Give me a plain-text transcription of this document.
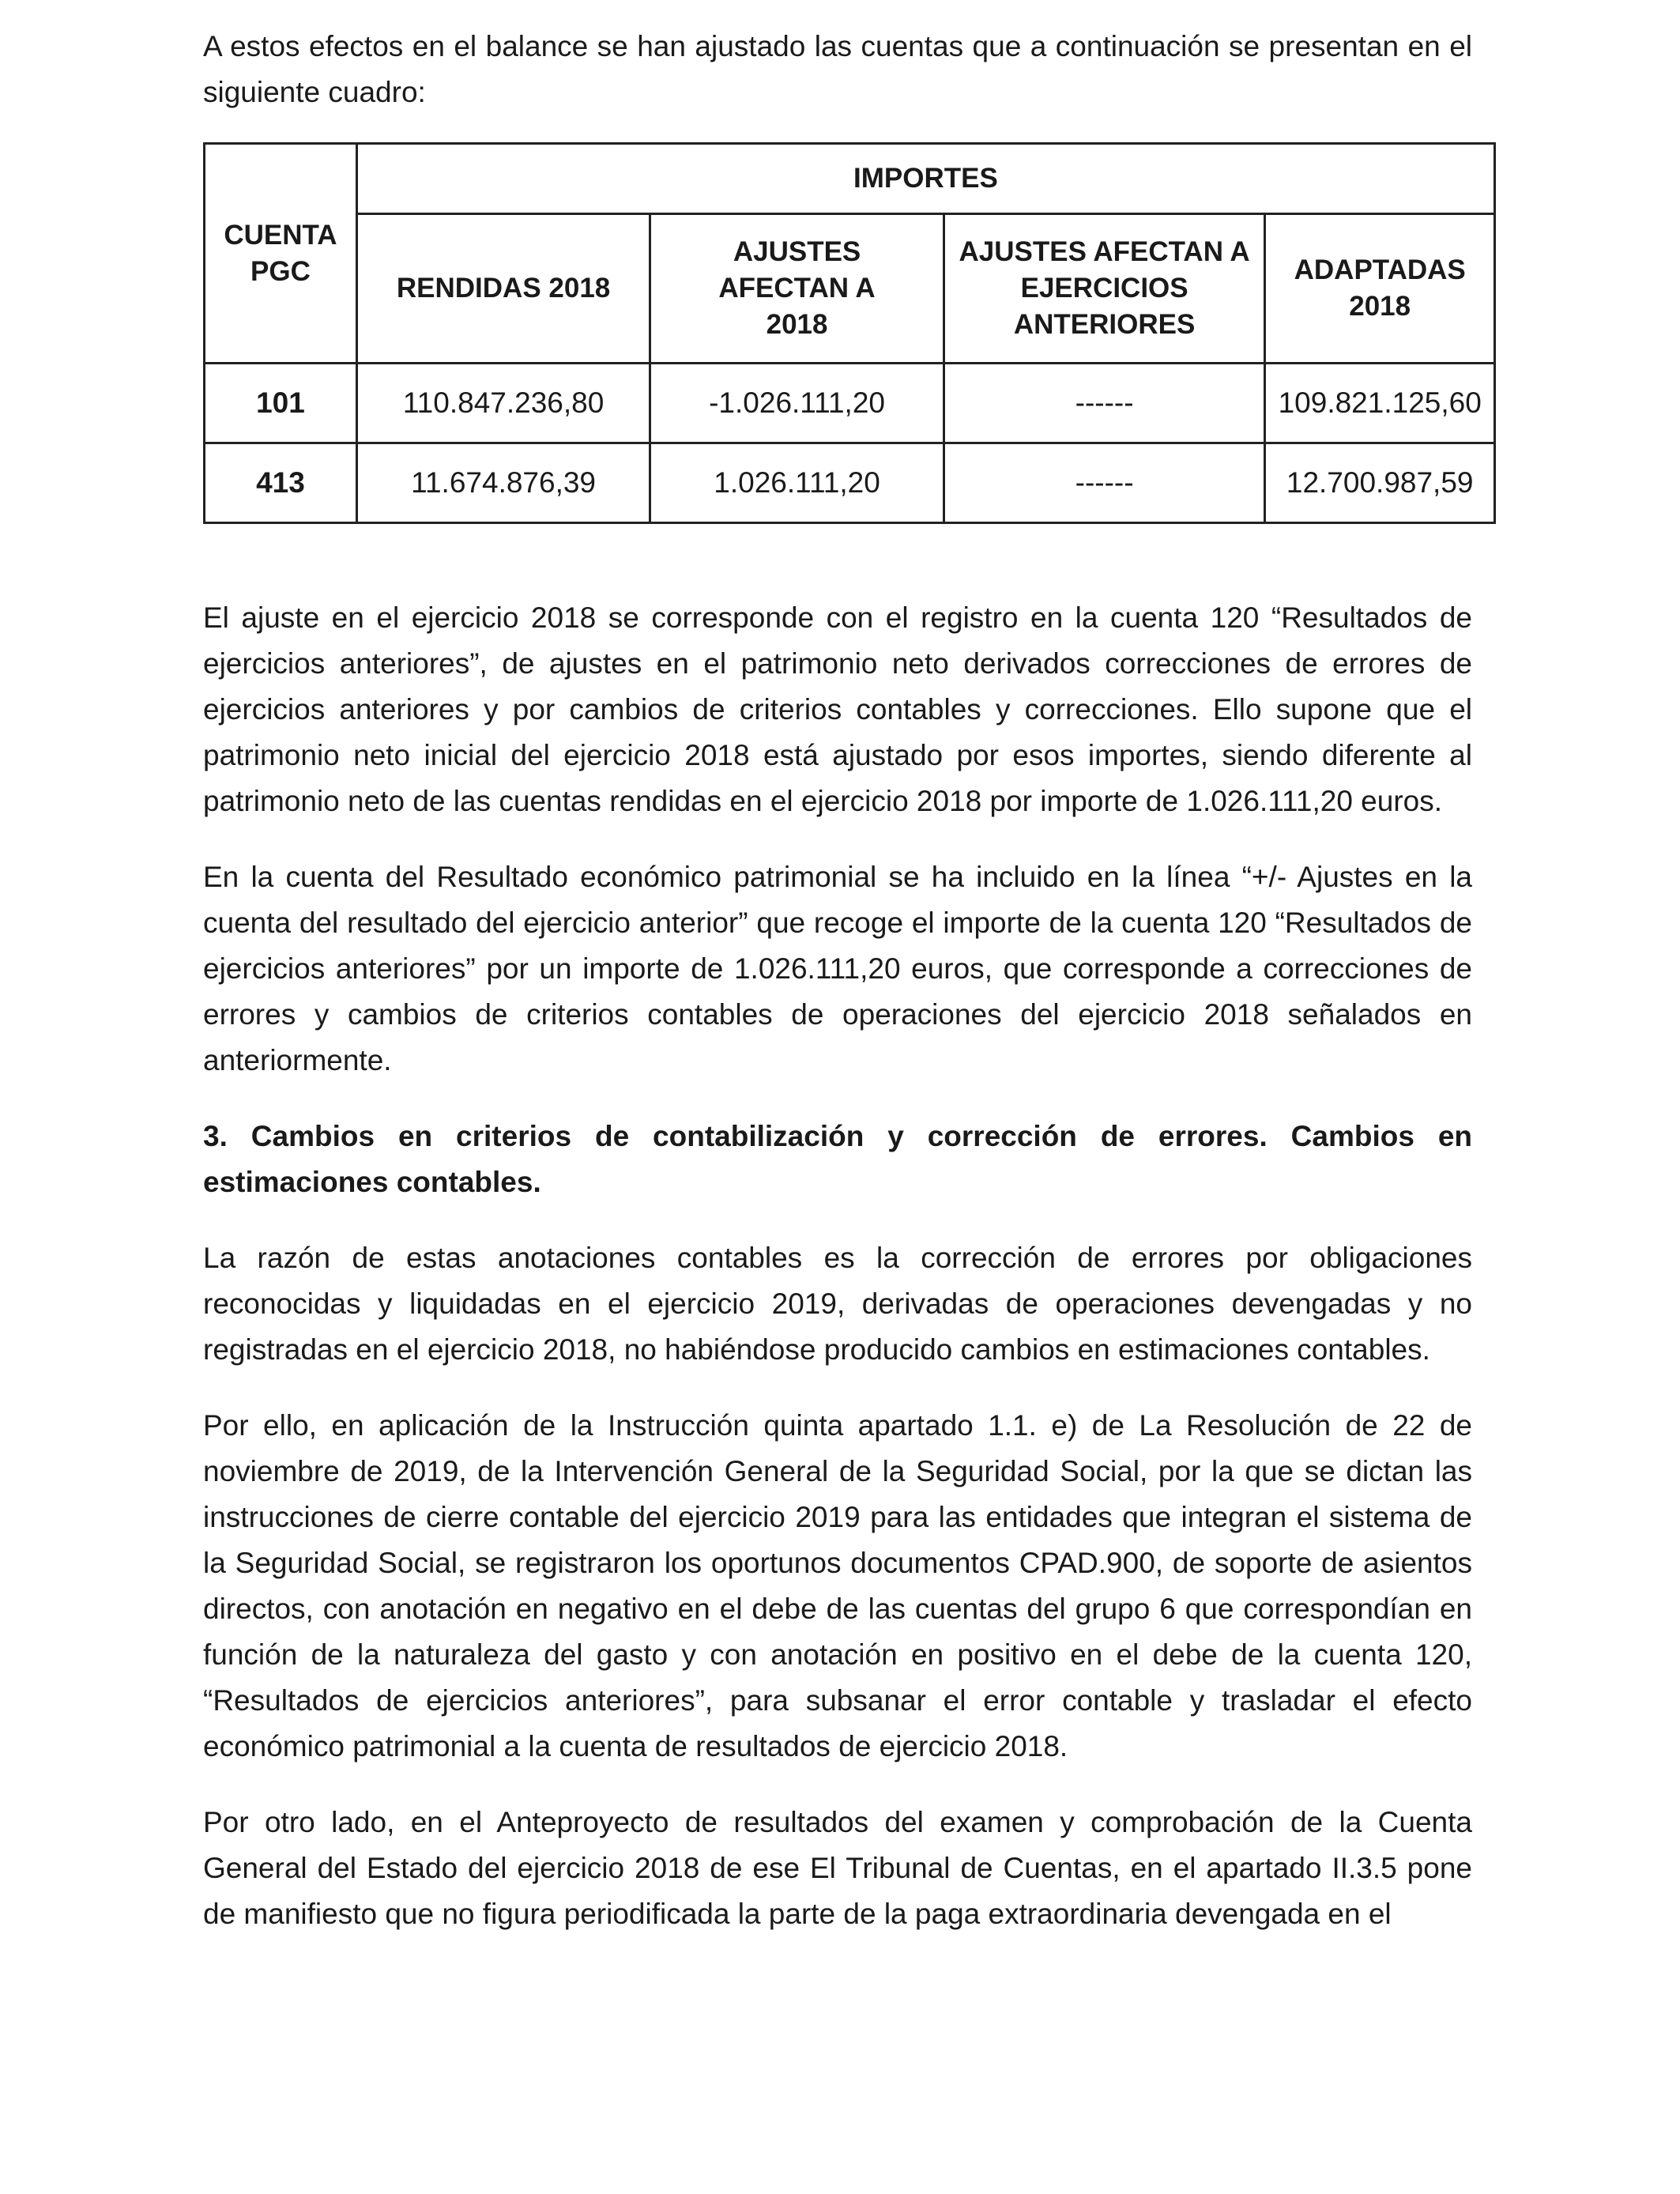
A estos efectos en el balance se han ajustado las cuentas que a continuación se presentan en el siguiente cuadro:

CUENTA PGC	IMPORTES			
	RENDIDAS 2018	AJUSTES AFECTAN A 2018	AJUSTES AFECTAN A EJERCICIOS ANTERIORES	ADAPTADAS 2018
101	110.847.236,80	-1.026.111,20	------	109.821.125,60
413	11.674.876,39	1.026.111,20	------	12.700.987,59

El ajuste en el ejercicio 2018 se corresponde con el registro en la cuenta 120 “Resultados de ejercicios anteriores”, de ajustes en el patrimonio neto derivados correcciones de errores de ejercicios anteriores y por cambios de criterios contables y correcciones. Ello supone que el patrimonio neto inicial del ejercicio 2018 está ajustado por esos importes, siendo diferente al patrimonio neto de las cuentas rendidas en el ejercicio 2018 por importe de 1.026.111,20 euros.

En la cuenta del Resultado económico patrimonial se ha incluido en la línea “+/- Ajustes en la cuenta del resultado del ejercicio anterior” que recoge el importe de la cuenta 120 “Resultados de ejercicios anteriores” por un importe de 1.026.111,20 euros, que corresponde a correcciones de errores y cambios de criterios contables de operaciones del ejercicio 2018 señalados en anteriormente.

3. Cambios en criterios de contabilización y corrección de errores. Cambios en estimaciones contables.

La razón de estas anotaciones contables es la corrección de errores por obligaciones reconocidas y liquidadas en el ejercicio 2019, derivadas de operaciones devengadas y no registradas en el ejercicio 2018, no habiéndose producido cambios en estimaciones contables.

Por ello, en aplicación de la Instrucción quinta apartado 1.1. e) de La Resolución de 22 de noviembre de 2019, de la Intervención General de la Seguridad Social, por la que se dictan las instrucciones de cierre contable del ejercicio 2019 para las entidades que integran el sistema de la Seguridad Social, se registraron los oportunos documentos CPAD.900, de soporte de asientos directos, con anotación en negativo en el debe de las cuentas del grupo 6 que correspondían en función de la naturaleza del gasto y con anotación en positivo en el debe de la cuenta 120, “Resultados de ejercicios anteriores”, para subsanar el error contable y trasladar el efecto económico patrimonial a la cuenta de resultados de ejercicio 2018.

Por otro lado, en el Anteproyecto de resultados del examen y comprobación de la Cuenta General del Estado del ejercicio 2018 de ese El Tribunal de Cuentas, en el apartado II.3.5 pone de manifiesto que no figura periodificada la parte de la paga extraordinaria devengada en el
